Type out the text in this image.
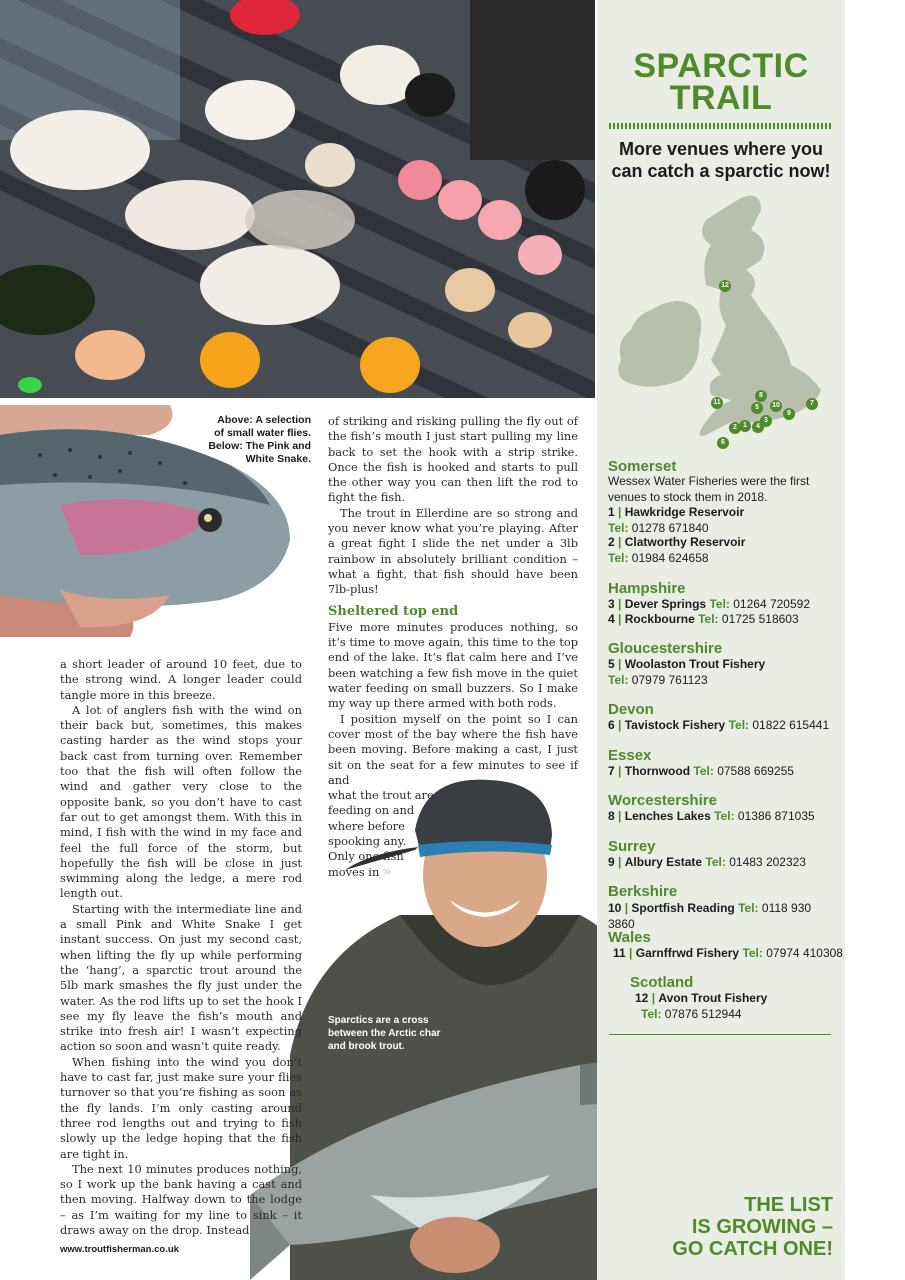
Above: A selection
of small water flies.
Below: The Pink and
White Snake.
Sparctics are a cross
between the Arctic char
and brook trout.

of striking and risking pulling the fly out of the fish’s mouth I just start pulling my line back to set the hook with a strip strike. Once the fish is hooked and starts to pull the other way you can then lift the rod to fight the fish.

The trout in Ellerdine are so strong and you never know what you’re playing. After a great fight I slide the net under a 3lb rainbow in absolutely brilliant condition – what a fight, that fish should have been 7lb-plus!

Sheltered top end

Five more minutes produces nothing, so it’s time to move again, this time to the top end of the lake. It’s flat calm here and I’ve been watching a few fish move in the quiet water feeding on small buzzers. So I make my way up there armed with both rods.

I position myself on the point so I can cover most of the bay where the fish have been moving. Before making a cast, I just sit on the seat for a few minutes to see if and

what the trout are
feeding on and
where before
spooking any.
Only one fish
moves in »

a short leader of around 10 feet, due to the strong wind. A longer leader could tangle more in this breeze.

A lot of anglers fish with the wind on their back but, sometimes, this makes casting harder as the wind stops your back cast from turning over. Remember too that the fish will often follow the wind and gather very close to the opposite bank, so you don’t have to cast far out to get amongst them. With this in mind, I fish with the wind in my face and feel the full force of the storm, but hopefully the fish will be close in just swimming along the ledge, a mere rod length out.

Starting with the intermediate line and a small Pink and White Snake I get instant success. On just my second cast, when lifting the fly up while performing the ‘hang’, a sparctic trout around the 5lb mark smashes the fly just under the water. As the rod lifts up to set the hook I see my fly leave the fish’s mouth and strike into fresh air! I wasn’t expecting action so soon and wasn’t quite ready.

When fishing into the wind you don’t have to cast far, just make sure your flies turnover so that you’re fishing as soon as the fly lands. I’m only casting around three rod lengths out and trying to fish slowly up the ledge hoping that the fish are tight in.

The next 10 minutes produces nothing, so I work up the bank having a cast and then moving. Halfway down to the lodge – as I’m waiting for my line to sink – it draws away on the drop. Instead

www.troutfisherman.co.uk
SPARCTIC
TRAIL
More venues where you
can catch a sparctic now!
12
11
8
5	10
9
7
3
2 1	4
6
Somerset
Wessex Water Fisheries were the first venues to stock them in 2018.
1 | Hawkridge Reservoir
Tel: 01278 671840
2 | Clatworthy Reservoir
Tel: 01984 624658
Hampshire
3 | Dever Springs Tel: 01264 720592
4 | Rockbourne Tel: 01725 518603
Gloucestershire
5 | Woolaston Trout Fishery
Tel: 07979 761123
Devon
6 | Tavistock Fishery Tel: 01822 615441
Essex
7 | Thornwood Tel: 07588 669255
Worcestershire
8 | Lenches Lakes Tel: 01386 871035
Surrey
9 | Albury Estate Tel: 01483 202323
Berkshire
10 | Sportfish Reading Tel: 0118 930 3860
Wales
11 | Garnffrwd Fishery Tel: 07974 410308
Scotland
12 | Avon Trout Fishery
Tel: 07876 512944
THE LIST
IS GROWING –
GO CATCH ONE!
